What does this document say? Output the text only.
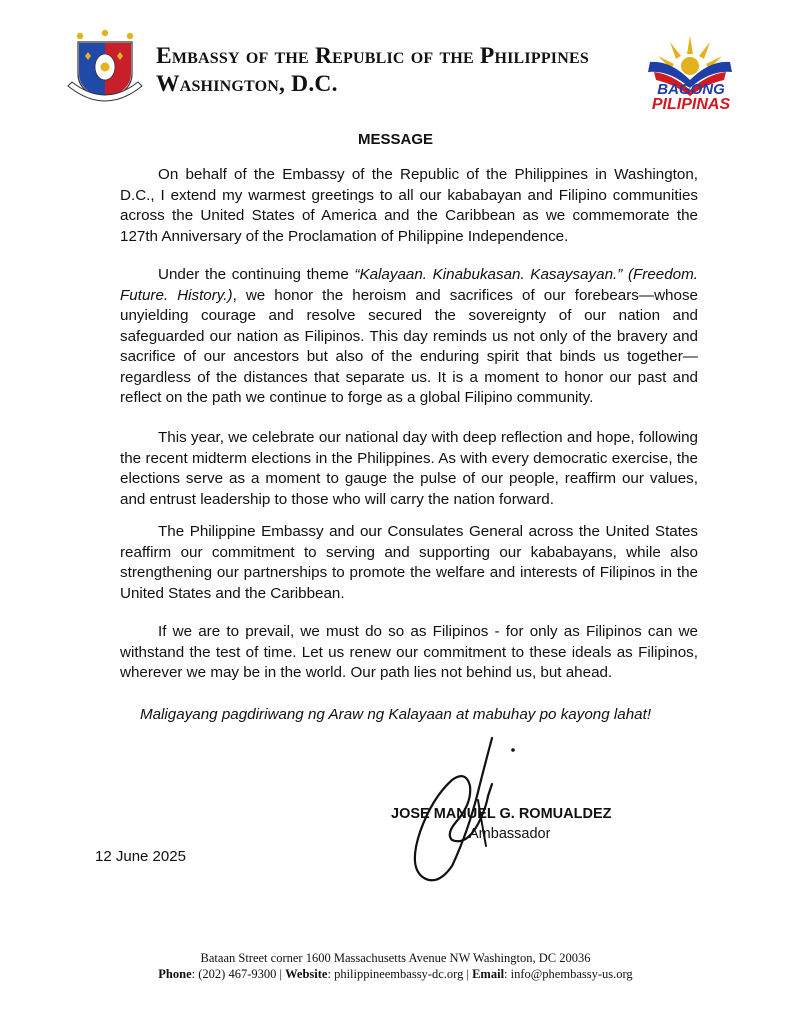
Embassy of the Republic of the Philippines
Washington, D.C.	BAGONG
PILIPINAS
MESSAGE
On behalf of the Embassy of the Republic of the Philippines in Washington, D.C., I extend my warmest greetings to all our kababayan and Filipino communities across the United States of America and the Caribbean as we commemorate the 127th Anniversary of the Proclamation of Philippine Independence.
Under the continuing theme “Kalayaan. Kinabukasan. Kasaysayan.” (Freedom. Future. History.), we honor the heroism and sacrifices of our forebears—whose unyielding courage and resolve secured the sovereignty of our nation and safeguarded our nation as Filipinos. This day reminds us not only of the bravery and sacrifice of our ancestors but also of the enduring spirit that binds us together—regardless of the distances that separate us. It is a moment to honor our past and reflect on the path we continue to forge as a global Filipino community.
This year, we celebrate our national day with deep reflection and hope, following the recent midterm elections in the Philippines. As with every democratic exercise, the elections serve as a moment to gauge the pulse of our people, reaffirm our values, and entrust leadership to those who will carry the nation forward.
The Philippine Embassy and our Consulates General across the United States reaffirm our commitment to serving and supporting our kababayans, while also strengthening our partnerships to promote the welfare and interests of Filipinos in the United States and the Caribbean.
If we are to prevail, we must do so as Filipinos - for only as Filipinos can we withstand the test of time. Let us renew our commitment to these ideals as Filipinos, wherever we may be in the world. Our path lies not behind us, but ahead.
Maligayang pagdiriwang ng Araw ng Kalayaan at mabuhay po kayong lahat!
JOSE MANUEL G. ROMUALDEZ
Ambassador
12 June 2025
Bataan Street corner 1600 Massachusetts Avenue NW Washington, DC 20036
Phone: (202) 467-9300 | Website: philippineembassy-dc.org | Email: info@phembassy-us.org
